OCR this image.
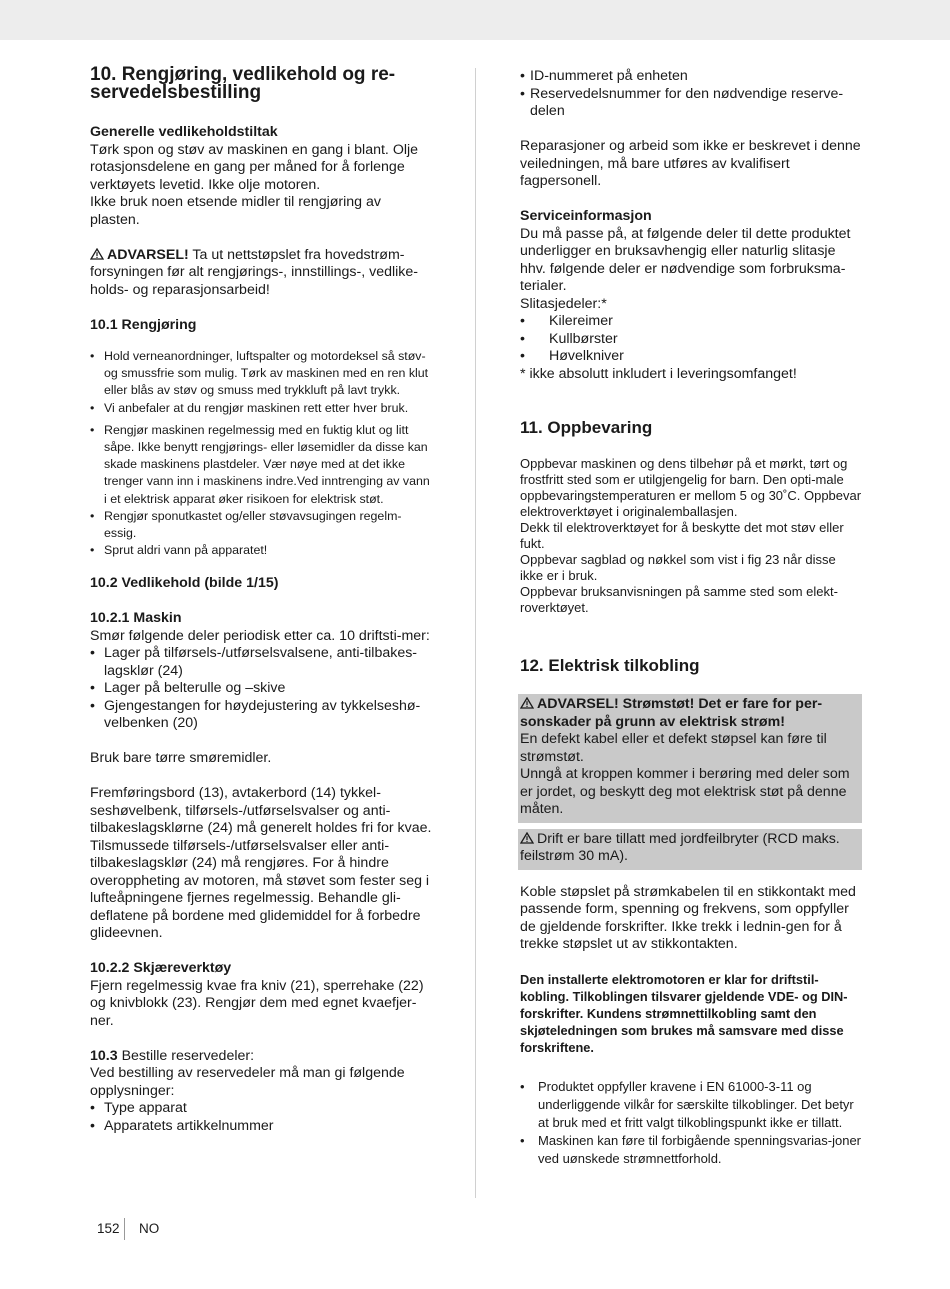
10. Rengjøring, vedlikehold og re-
servedelsbestilling

Generelle vedlikeholdstiltak

Tørk spon og støv av maskinen en gang i blant. Olje rotasjonsdelene en gang per måned for å forlenge verktøyets levetid. Ikke olje motoren.
Ikke bruk noen etsende midler til rengjøring av plasten.

ADVARSEL! Ta ut nettstøpslet fra hovedstrøm-forsyningen før alt rengjørings-, innstillings-, vedlike-holds- og reparasjonsarbeid!

10.1 Rengjøring

• Hold verneanordninger, luftspalter og motordeksel så støv- og smussfrie som mulig. Tørk av maskinen med en ren klut eller blås av støv og smuss med trykkluft på lavt trykk.
• Vi anbefaler at du rengjør maskinen rett etter hver bruk.
• Rengjør maskinen regelmessig med en fuktig klut og litt såpe. Ikke benytt rengjørings- eller løsemidler da disse kan skade maskinens plastdeler. Vær nøye med at det ikke trenger vann inn i maskinens indre.Ved inntrenging av vann i et elektrisk apparat øker risikoen for elektrisk støt.
• Rengjør sponutkastet og/eller støvavsugingen regelm-essig.
• Sprut aldri vann på apparatet!

10.2 Vedlikehold (bilde 1/15)

10.2.1 Maskin

Smør følgende deler periodisk etter ca. 10 driftsti-mer:

• Lager på tilførsels-/utførselsvalsene, anti-tilbakes-lagsklør (24)
• Lager på belterulle og –skive
• Gjengestangen for høydejustering av tykkelseshø-velbenken (20)

Bruk bare tørre smøremidler.

Fremføringsbord (13), avtakerbord (14) tykkel-seshøvelbenk, tilførsels-/utførselsvalser og anti-tilbakeslagsklørne (24) må generelt holdes fri for kvae. Tilsmussede tilførsels-/utførselsvalser eller anti-tilbakeslagsklør (24) må rengjøres. For å hindre overoppheting av motoren, må støvet som fester seg i lufteåpningene fjernes regelmessig. Behandle gli-deflatene på bordene med glidemiddel for å forbedre glideevnen.

10.2.2 Skjæreverktøy

Fjern regelmessig kvae fra kniv (21), sperrehake (22) og knivblokk (23). Rengjør dem med egnet kvaefjer-ner.

10.3 Bestille reservedeler:

Ved bestilling av reservedeler må man gi følgende opplysninger:

• Type apparat
• Apparatets artikkelnummer
• ID-nummeret på enheten
• Reservedelsnummer for den nødvendige reserve-delen

Reparasjoner og arbeid som ikke er beskrevet i denne veiledningen, må bare utføres av kvalifisert fagpersonell.

Serviceinformasjon

Du må passe på, at følgende deler til dette produktet underligger en bruksavhengig eller naturlig slitasje hhv. følgende deler er nødvendige som forbruksma-terialer.

Slitasjedeler:*

• Kilereimer
• Kullbørster
• Høvelkniver

* ikke absolutt inkludert i leveringsomfanget!

11. Oppbevaring

Oppbevar maskinen og dens tilbehør på et mørkt, tørt og frostfritt sted som er utilgjengelig for barn. Den opti-male oppbevaringstemperaturen er mellom 5 og 30˚C. Oppbevar elektroverktøyet i originalemballasjen.
Dekk til elektroverktøyet for å beskytte det mot støv eller fukt.
Oppbevar sagblad og nøkkel som vist i fig 23 når disse ikke er i bruk.
Oppbevar bruksanvisningen på samme sted som elekt-roverktøyet.

12. Elektrisk tilkobling

ADVARSEL! Strømstøt! Det er fare for per-sonskader på grunn av elektrisk strøm!

En defekt kabel eller et defekt støpsel kan føre til strømstøt.
Unngå at kroppen kommer i berøring med deler som er jordet, og beskytt deg mot elektrisk støt på denne måten.

Drift er bare tillatt med jordfeilbryter (RCD maks. feilstrøm 30 mA).

Koble støpslet på strømkabelen til en stikkontakt med passende form, spenning og frekvens, som oppfyller de gjeldende forskrifter. Ikke trekk i lednin-gen for å trekke støpslet ut av stikkontakten.

Den installerte elektromotoren er klar for driftstil-kobling. Tilkoblingen tilsvarer gjeldende VDE- og DIN-forskrifter. Kundens strømnettilkobling samt den skjøteledningen som brukes må samsvare med disse forskriftene.

• Produktet oppfyller kravene i EN 61000-3-11 og underliggende vilkår for særskilte tilkoblinger. Det betyr at bruk med et fritt valgt tilkoblingspunkt ikke er tillatt.
• Maskinen kan føre til forbigående spenningsvarias-joner ved uønskede strømnettforhold.
152 NO
